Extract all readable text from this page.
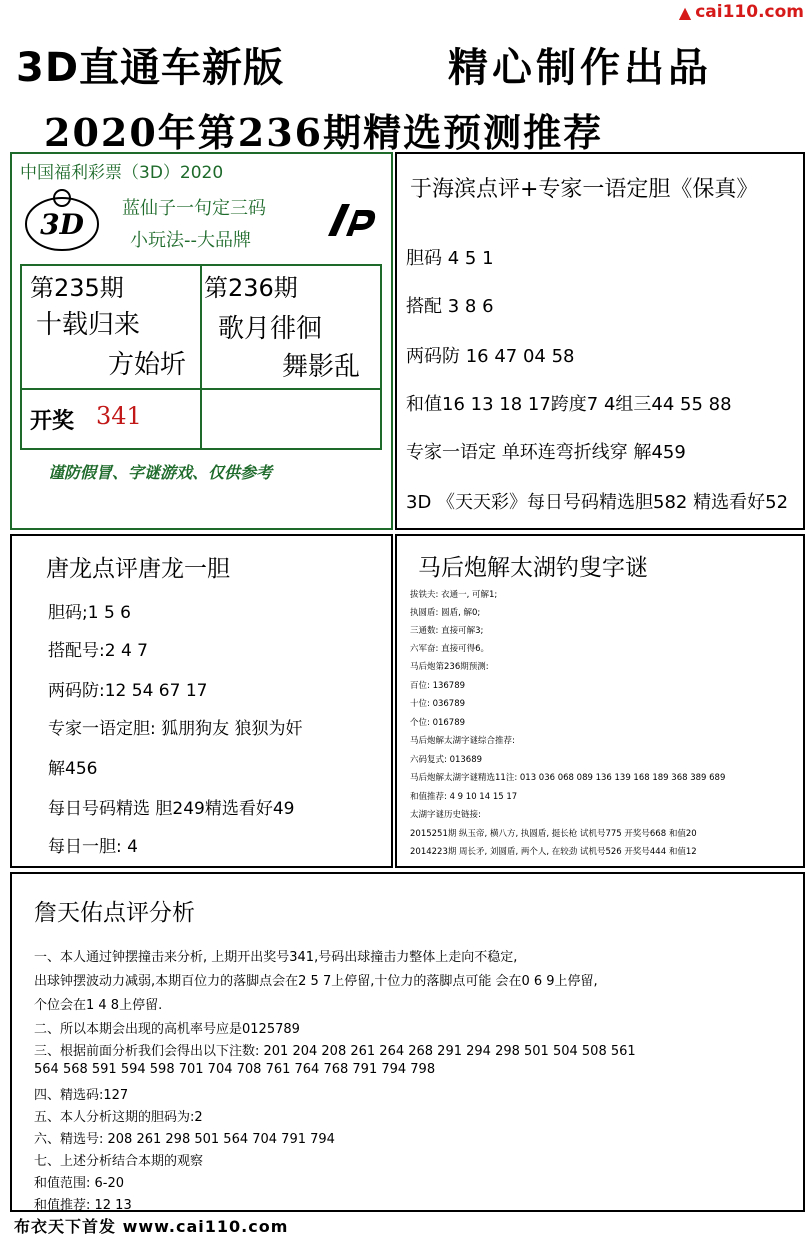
▲ cai110.com
3D直通车新版	精心制作出品
2020年第236期精选预测推荐
中国福利彩票（3D）2020
3D 蓝仙子一句定三码
小玩法--大品牌
第235期
十载归来
方始圻
第236期
歌月徘徊
舞影乱
开奖 341
谨防假冒、字谜游戏、仅供参考
于海滨点评+专家一语定胆《保真》
胆码 4 5 1
搭配 3 8 6
两码防 16 47 04 58
和值16 13 18 17跨度7 4组三44 55 88
专家一语定 单环连弯折线穿 解459
3D 《天天彩》每日号码精选胆582 精选看好52
唐龙点评唐龙一胆
胆码;1 5 6
搭配号:2 4 7
两码防:12 54 67 17
专家一语定胆: 狐朋狗友 狼狈为奸
解456
每日号码精选 胆249精选看好49
每日一胆: 4
马后炮解太湖钓叟字谜
拔铁夫: 衣通一, 可解1;
执圆盾: 圆盾, 解0;
三通数: 直接可解3;
六军奋: 直接可得6。
马后炮第236期预测:
百位: 136789
十位: 036789
个位: 016789
马后炮解太湖字谜综合推荐:
六码复式: 013689
马后炮解太湖字谜精选11注: 013 036 068 089 136 139 168 189 368 389 689
和值推荐: 4 9 10 14 15 17
太湖字谜历史链接:
2015251期 纵玉帝, 横八方, 执圆盾, 挺长枪 试机号775 开奖号668 和值20
2014223期 周长矛, 刘圆盾, 两个人, 在较劲 试机号526 开奖号444 和值12
詹天佑点评分析
一、本人通过钟摆撞击来分析, 上期开出奖号341,号码出球撞击力整体上走向不稳定,
出球钟摆波动力减弱,本期百位力的落脚点会在2 5 7上停留,十位力的落脚点可能 会在0 6 9上停留,
个位会在1 4 8上停留.
二、所以本期会出现的高机率号应是0125789
三、根据前面分析我们会得出以下注数: 201 204 208 261 264 268 291 294 298 501 504 508 561
564 568 591 594 598 701 704 708 761 764 768 791 794 798
四、精选码:127
五、本人分析这期的胆码为:2
六、精选号: 208 261 298 501 564 704 791 794
七、上述分析结合本期的观察
和值范围: 6-20
和值推荐: 12 13
布衣天下首发 www.cai110.com
